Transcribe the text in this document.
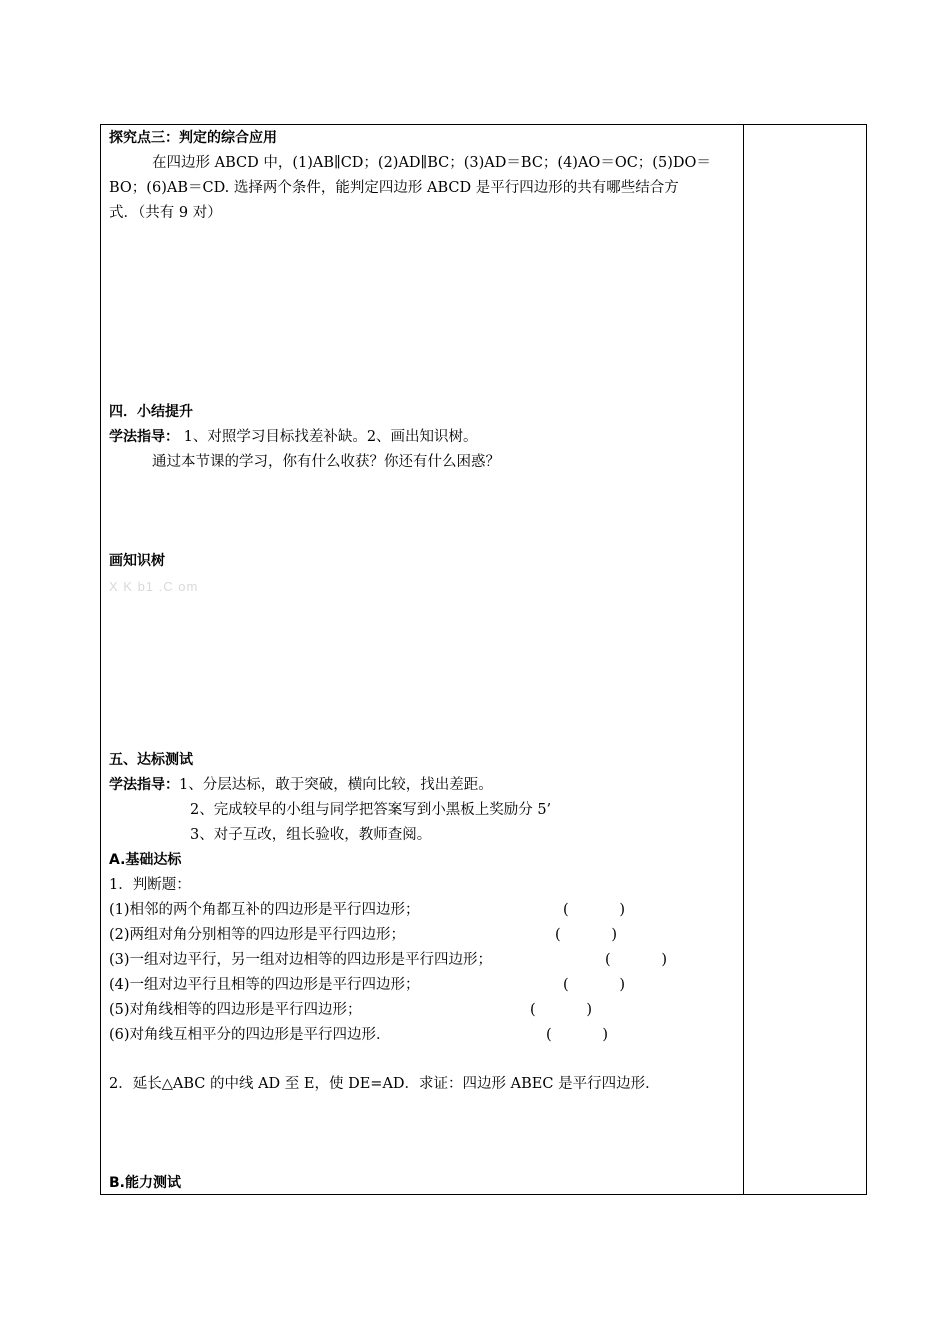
探究点三：判定的综合应用
在四边形 ABCD 中，(1)AB∥CD；(2)AD∥BC；(3)AD＝BC；(4)AO＝OC；(5)DO＝
BO；(6)AB＝CD. 选择两个条件，能判定四边形 ABCD 是平行四边形的共有哪些结合方
式．（共有 9 对）
四．小结提升
学法指导： 1、对照学习目标找差补缺。2、画出知识树。
通过本节课的学习，你有什么收获？你还有什么困惑？
画知识树
X K b1 .C om
五、达标测试
学法指导：1、分层达标，敢于突破，横向比较，找出差距。
2、完成较早的小组与同学把答案写到小黑板上奖励分 5’
3、对子互改，组长验收，教师查阅。
A.基础达标
1．判断题：
(1)相邻的两个角都互补的四边形是平行四边形；	(           )
(2)两组对角分别相等的四边形是平行四边形；	(           )
(3)一组对边平行，另一组对边相等的四边形是平行四边形；	(           )
(4)一组对边平行且相等的四边形是平行四边形；	(           )
(5)对角线相等的四边形是平行四边形；	(           )
(6)对角线互相平分的四边形是平行四边形．	(           )
2．延长△ABC 的中线 AD 至 E，使 DE=AD．求证：四边形 ABEC 是平行四边形．
B.能力测试
